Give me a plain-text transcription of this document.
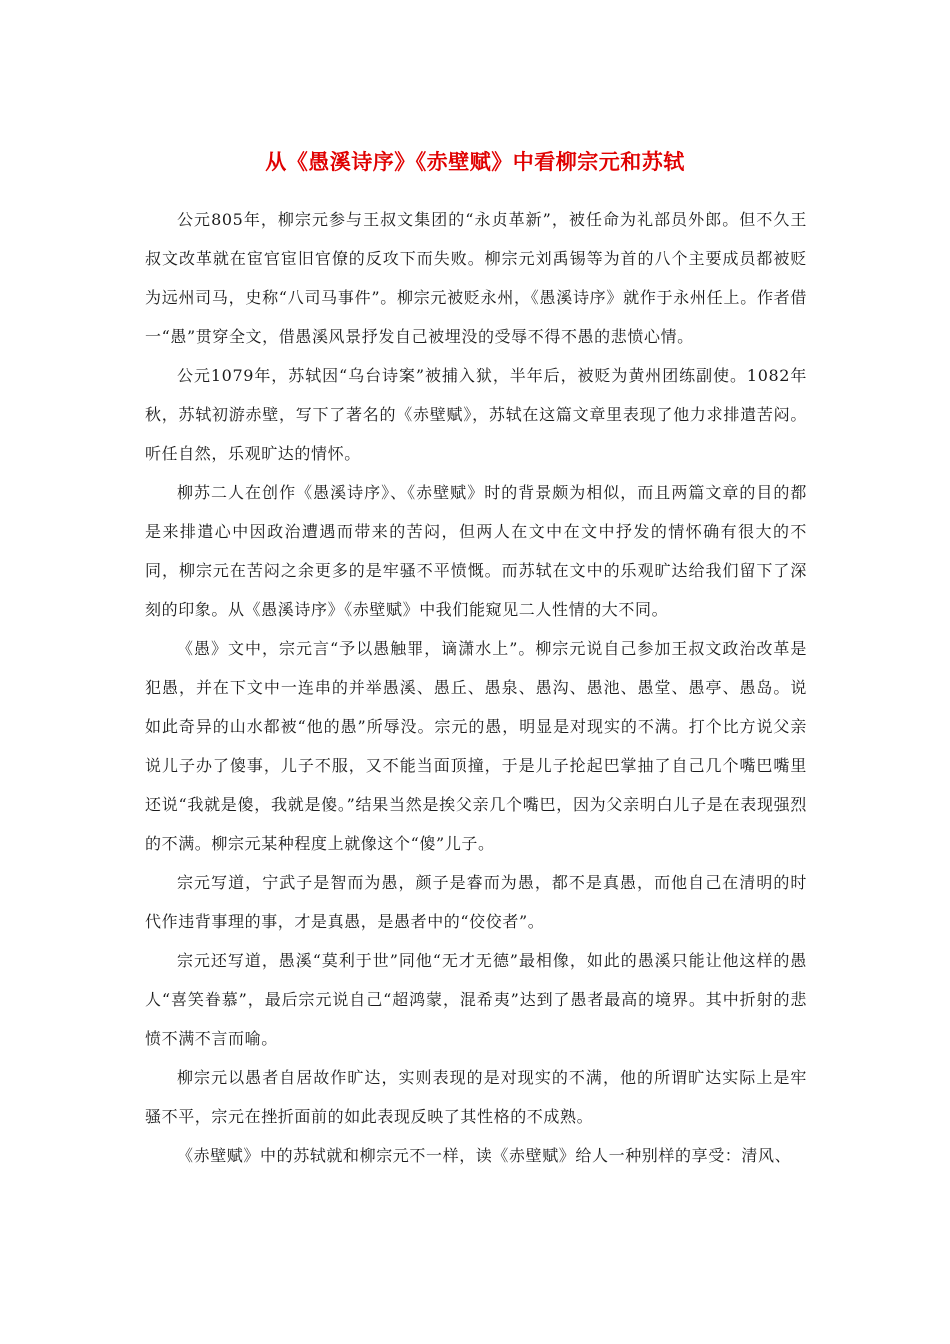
从《愚溪诗序》《赤壁赋》中看柳宗元和苏轼

公元805年，柳宗元参与王叔文集团的“永贞革新”，被任命为礼部员外郎。但不久王叔文改革就在宦官宦旧官僚的反攻下而失败。柳宗元刘禹锡等为首的八个主要成员都被贬为远州司马，史称“八司马事件”。柳宗元被贬永州，《愚溪诗序》就作于永州任上。作者借一“愚”贯穿全文，借愚溪风景抒发自己被埋没的受辱不得不愚的悲愤心情。

公元1079年，苏轼因“乌台诗案”被捕入狱，半年后，被贬为黄州团练副使。1082年秋，苏轼初游赤壁，写下了著名的《赤壁赋》，苏轼在这篇文章里表现了他力求排遣苦闷。听任自然，乐观旷达的情怀。

柳苏二人在创作《愚溪诗序》、《赤壁赋》时的背景颇为相似，而且两篇文章的目的都是来排遣心中因政治遭遇而带来的苦闷，但两人在文中在文中抒发的情怀确有很大的不同，柳宗元在苦闷之余更多的是牢骚不平愤慨。而苏轼在文中的乐观旷达给我们留下了深刻的印象。从《愚溪诗序》《赤壁赋》中我们能窥见二人性情的大不同。

《愚》文中，宗元言“予以愚触罪，谪潇水上”。柳宗元说自己参加王叔文政治改革是犯愚，并在下文中一连串的并举愚溪、愚丘、愚泉、愚沟、愚池、愚堂、愚亭、愚岛。说如此奇异的山水都被“他的愚”所辱没。宗元的愚，明显是对现实的不满。打个比方说父亲说儿子办了傻事，儿子不服，又不能当面顶撞，于是儿子抡起巴掌抽了自己几个嘴巴嘴里还说“我就是傻，我就是傻。”结果当然是挨父亲几个嘴巴，因为父亲明白儿子是在表现强烈的不满。柳宗元某种程度上就像这个“傻”儿子。

宗元写道，宁武子是智而为愚，颜子是睿而为愚，都不是真愚，而他自己在清明的时代作违背事理的事，才是真愚，是愚者中的“佼佼者”。

宗元还写道，愚溪“莫利于世”同他“无才无德”最相像，如此的愚溪只能让他这样的愚人“喜笑眷慕”，最后宗元说自己“超鸿蒙，混希夷”达到了愚者最高的境界。其中折射的悲愤不满不言而喻。

柳宗元以愚者自居故作旷达，实则表现的是对现实的不满，他的所谓旷达实际上是牢骚不平，宗元在挫折面前的如此表现反映了其性格的不成熟。

《赤壁赋》中的苏轼就和柳宗元不一样，读《赤壁赋》给人一种别样的享受：清风、
